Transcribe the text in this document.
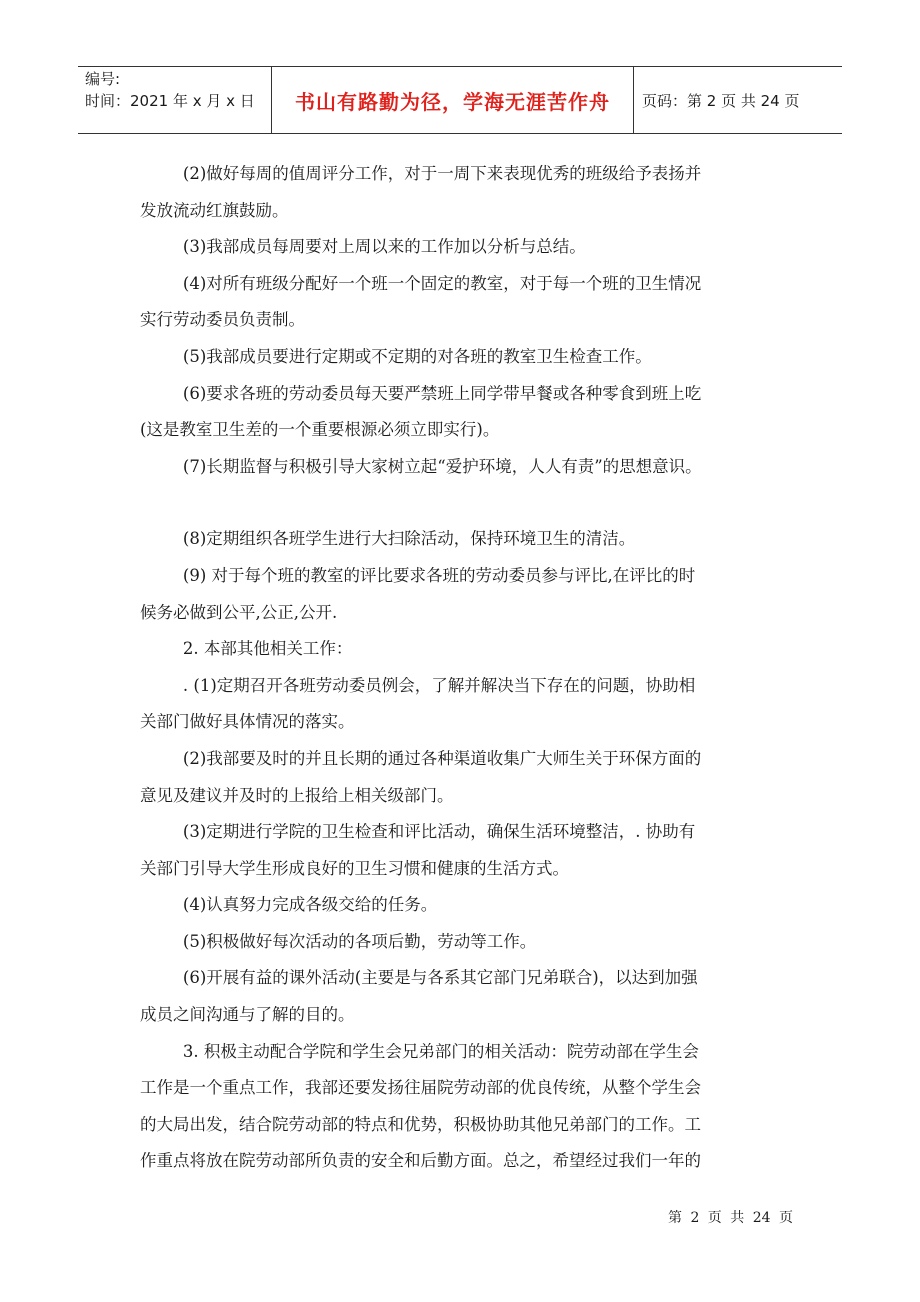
编号:
时间：2021 年 x 月 x 日	书山有路勤为径，学海无涯苦作舟	页码：第 2 页 共 24 页

(2)做好每周的值周评分工作，对于一周下来表现优秀的班级给予表扬并
发放流动红旗鼓励。

(3)我部成员每周要对上周以来的工作加以分析与总结。

(4)对所有班级分配好一个班一个固定的教室，对于每一个班的卫生情况
实行劳动委员负责制。

(5)我部成员要进行定期或不定期的对各班的教室卫生检查工作。

(6)要求各班的劳动委员每天要严禁班上同学带早餐或各种零食到班上吃
(这是教室卫生差的一个重要根源必须立即实行)。

(7)长期监督与积极引导大家树立起“爱护环境，人人有责”的思想意识。

(8)定期组织各班学生进行大扫除活动，保持环境卫生的清洁。

(9) 对于每个班的教室的评比要求各班的劳动委员参与评比,在评比的时
候务必做到公平,公正,公开.

2. 本部其他相关工作：

. (1)定期召开各班劳动委员例会，了解并解决当下存在的问题，协助相
关部门做好具体情况的落实。

(2)我部要及时的并且长期的通过各种渠道收集广大师生关于环保方面的
意见及建议并及时的上报给上相关级部门。

(3)定期进行学院的卫生检查和评比活动，确保生活环境整洁，. 协助有
关部门引导大学生形成良好的卫生习惯和健康的生活方式。

(4)认真努力完成各级交给的任务。

(5)积极做好每次活动的各项后勤，劳动等工作。

(6)开展有益的课外活动(主要是与各系其它部门兄弟联合)，以达到加强
成员之间沟通与了解的目的。

3. 积极主动配合学院和学生会兄弟部门的相关活动：院劳动部在学生会
工作是一个重点工作，我部还要发扬往届院劳动部的优良传统，从整个学生会
的大局出发，结合院劳动部的特点和优势，积极协助其他兄弟部门的工作。工
作重点将放在院劳动部所负责的安全和后勤方面。总之，希望经过我们一年的

第 2 页 共 24 页
